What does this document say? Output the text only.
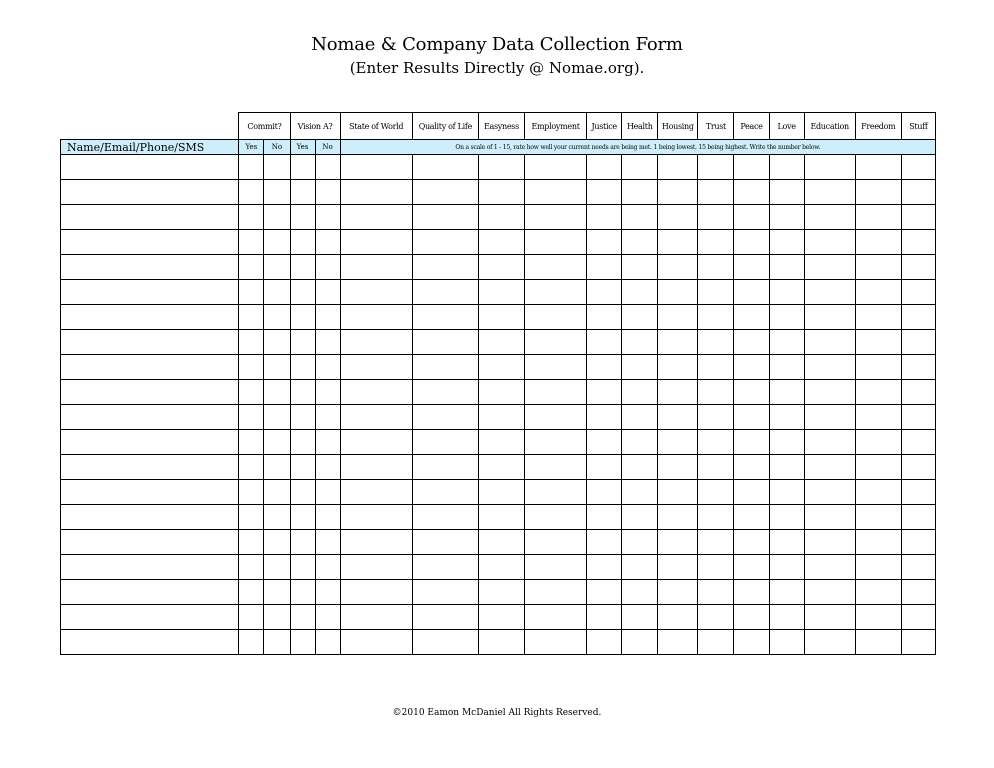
Nomae & Company Data Collection Form
(Enter Results Directly @ Nomae.org).
	Commit?		Vision A?		State of World	Quality of Life	Easyness	Employment	Justice	Health	Housing	Trust	Peace	Love	Education	Freedom	Stuff
Name/Email/Phone/SMS	Yes	No	Yes	No	On a scale of 1 - 15, rate how well your current needs are being met. 1 being lowest. 15 being highest. Write the number below.												

©2010 Eamon McDaniel All Rights Reserved.
